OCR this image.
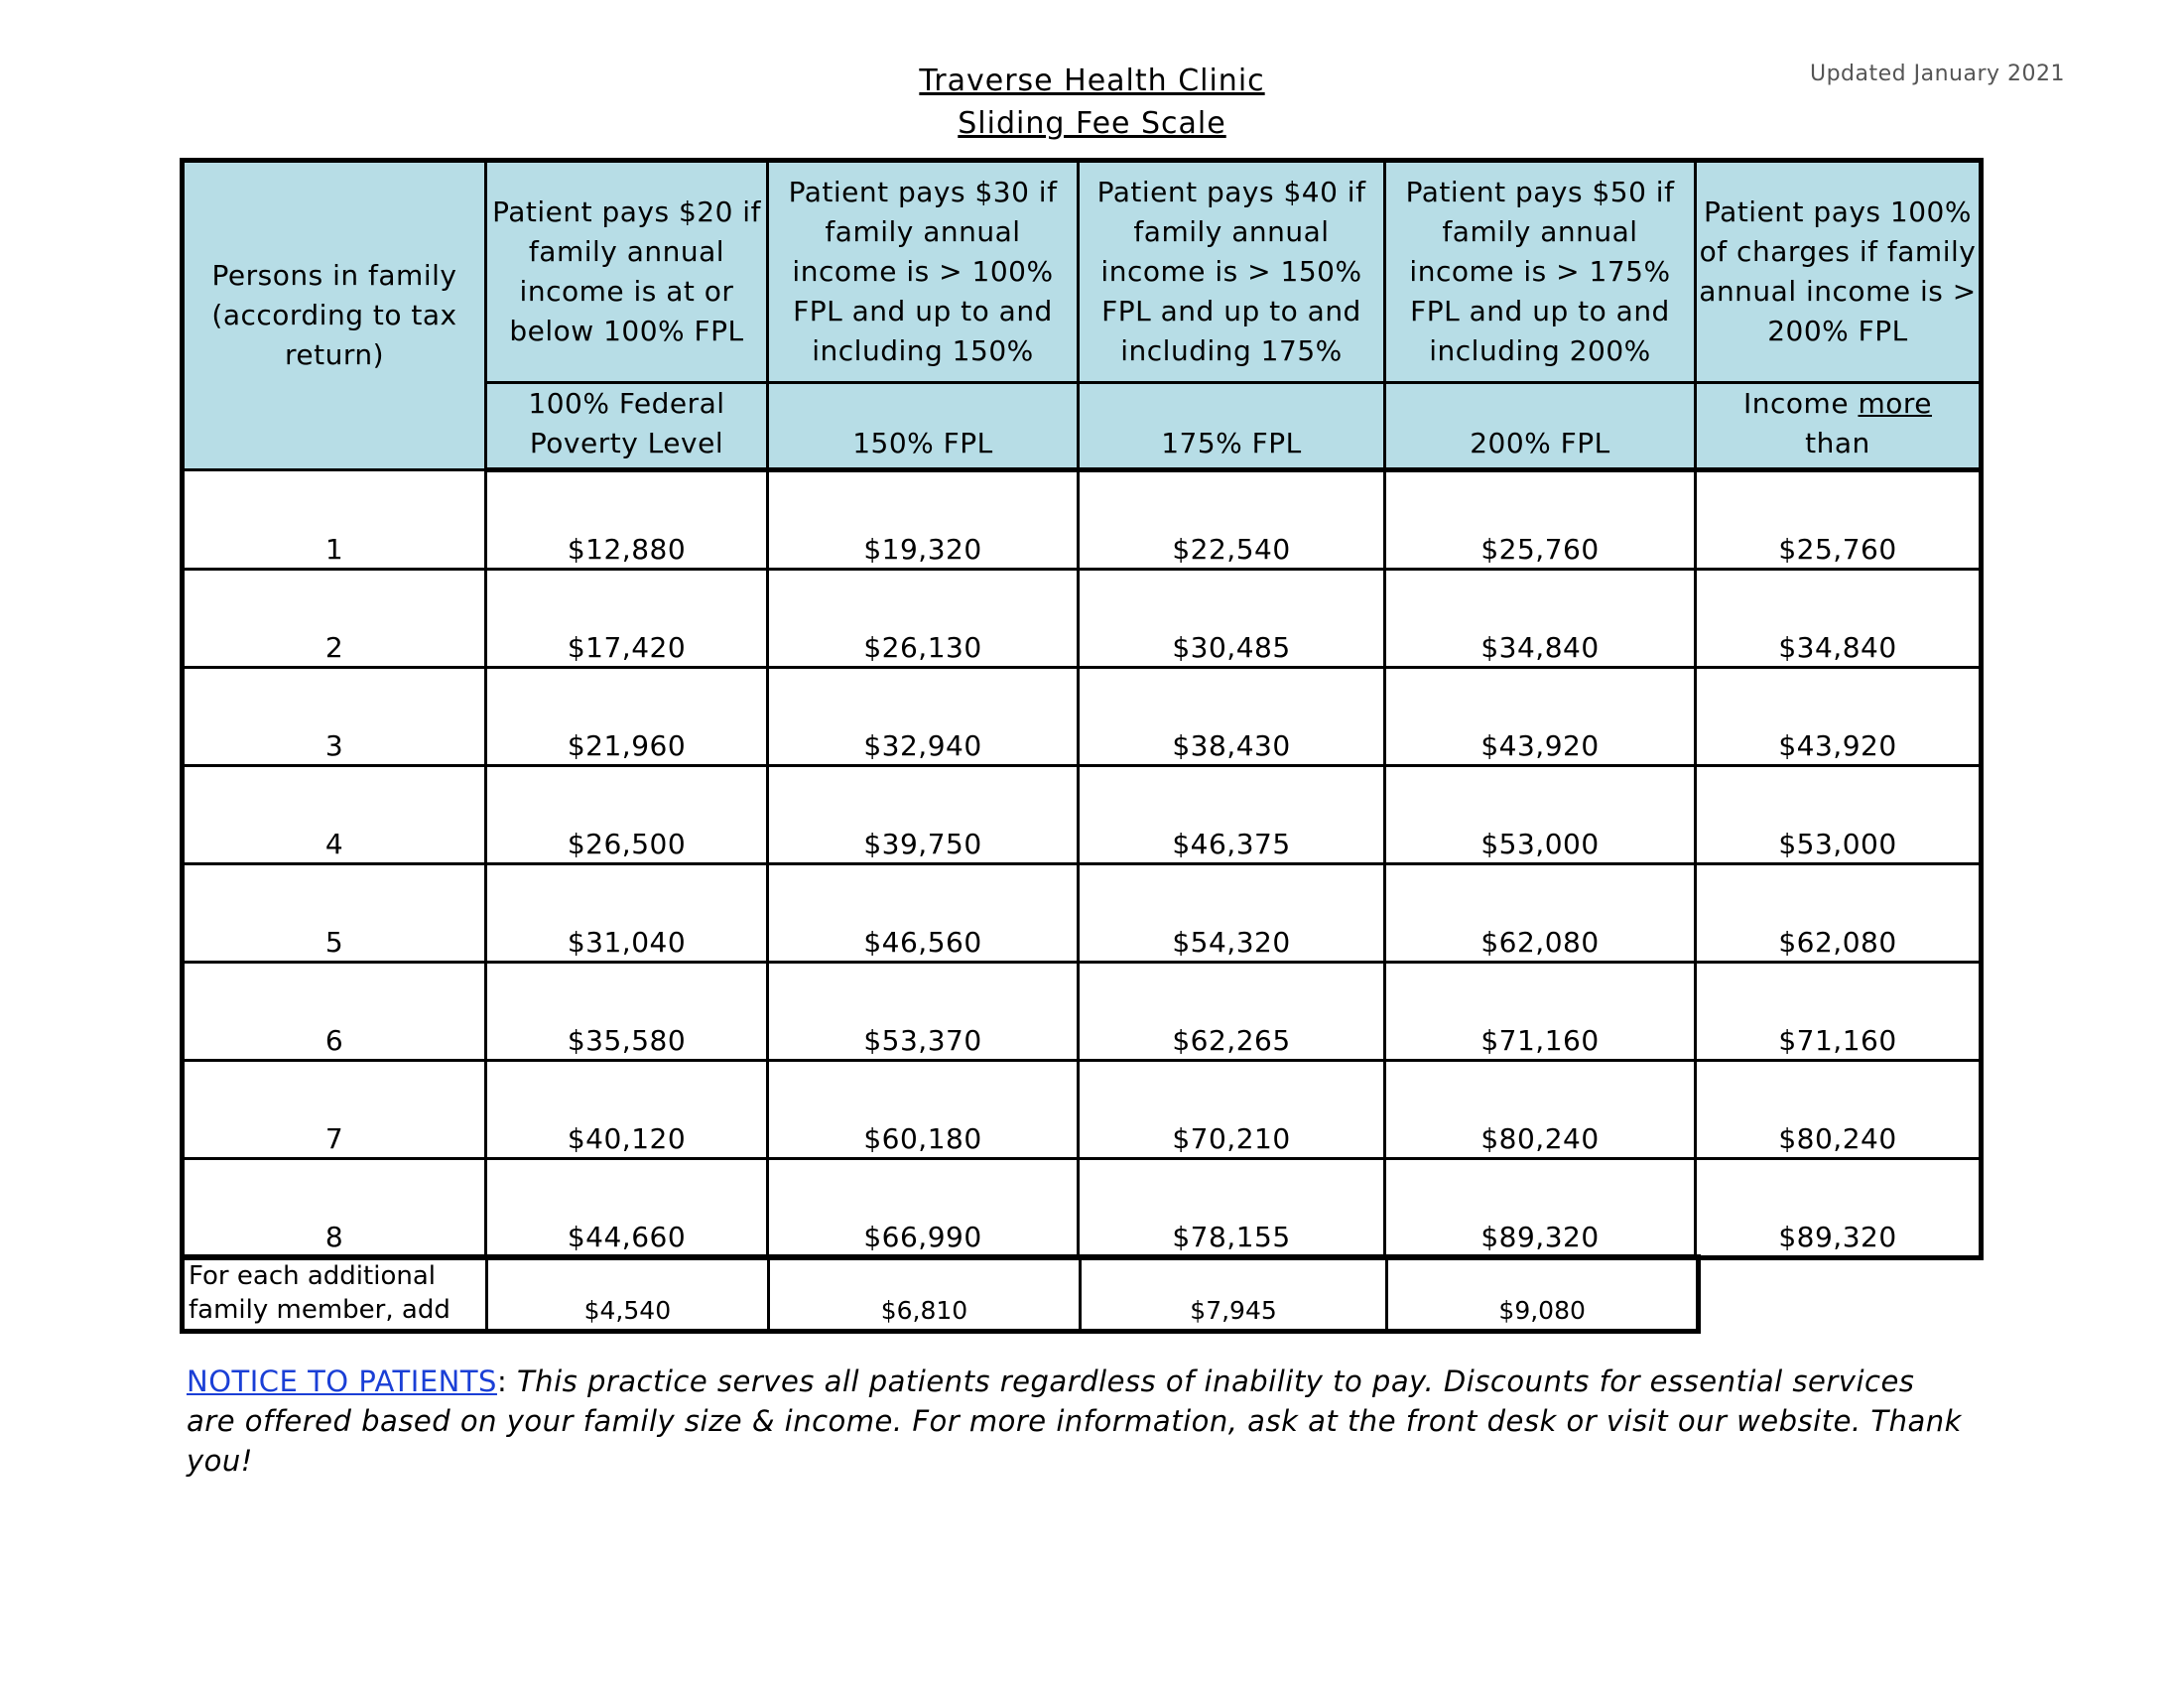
Traverse Health Clinic
Sliding Fee Scale
Updated January 2021
Persons in family (according to tax return)	Patient pays $20 if family annual income is at or below 100% FPL	Patient pays $30 if family annual income is > 100% FPL and up to and including 150%	Patient pays $40 if family annual income is > 150% FPL and up to and including 175%	Patient pays $50 if family annual income is > 175% FPL and up to and including 200%	Patient pays 100% of charges if family annual income is > 200% FPL
	100% Federal Poverty Level	150% FPL	175% FPL	200% FPL	Income more
than
1	$12,880	$19,320	$22,540	$25,760	$25,760
2	$17,420	$26,130	$30,485	$34,840	$34,840
3	$21,960	$32,940	$38,430	$43,920	$43,920
4	$26,500	$39,750	$46,375	$53,000	$53,000
5	$31,040	$46,560	$54,320	$62,080	$62,080
6	$35,580	$53,370	$62,265	$71,160	$71,160
7	$40,120	$60,180	$70,210	$80,240	$80,240
8	$44,660	$66,990	$78,155	$89,320	$89,320
For each additional family member, add	$4,540	$6,810	$7,945	$9,080
NOTICE TO PATIENTS: This practice serves all patients regardless of inability to pay. Discounts for essential services are offered based on your family size & income. For more information, ask at the front desk or visit our website. Thank you!
